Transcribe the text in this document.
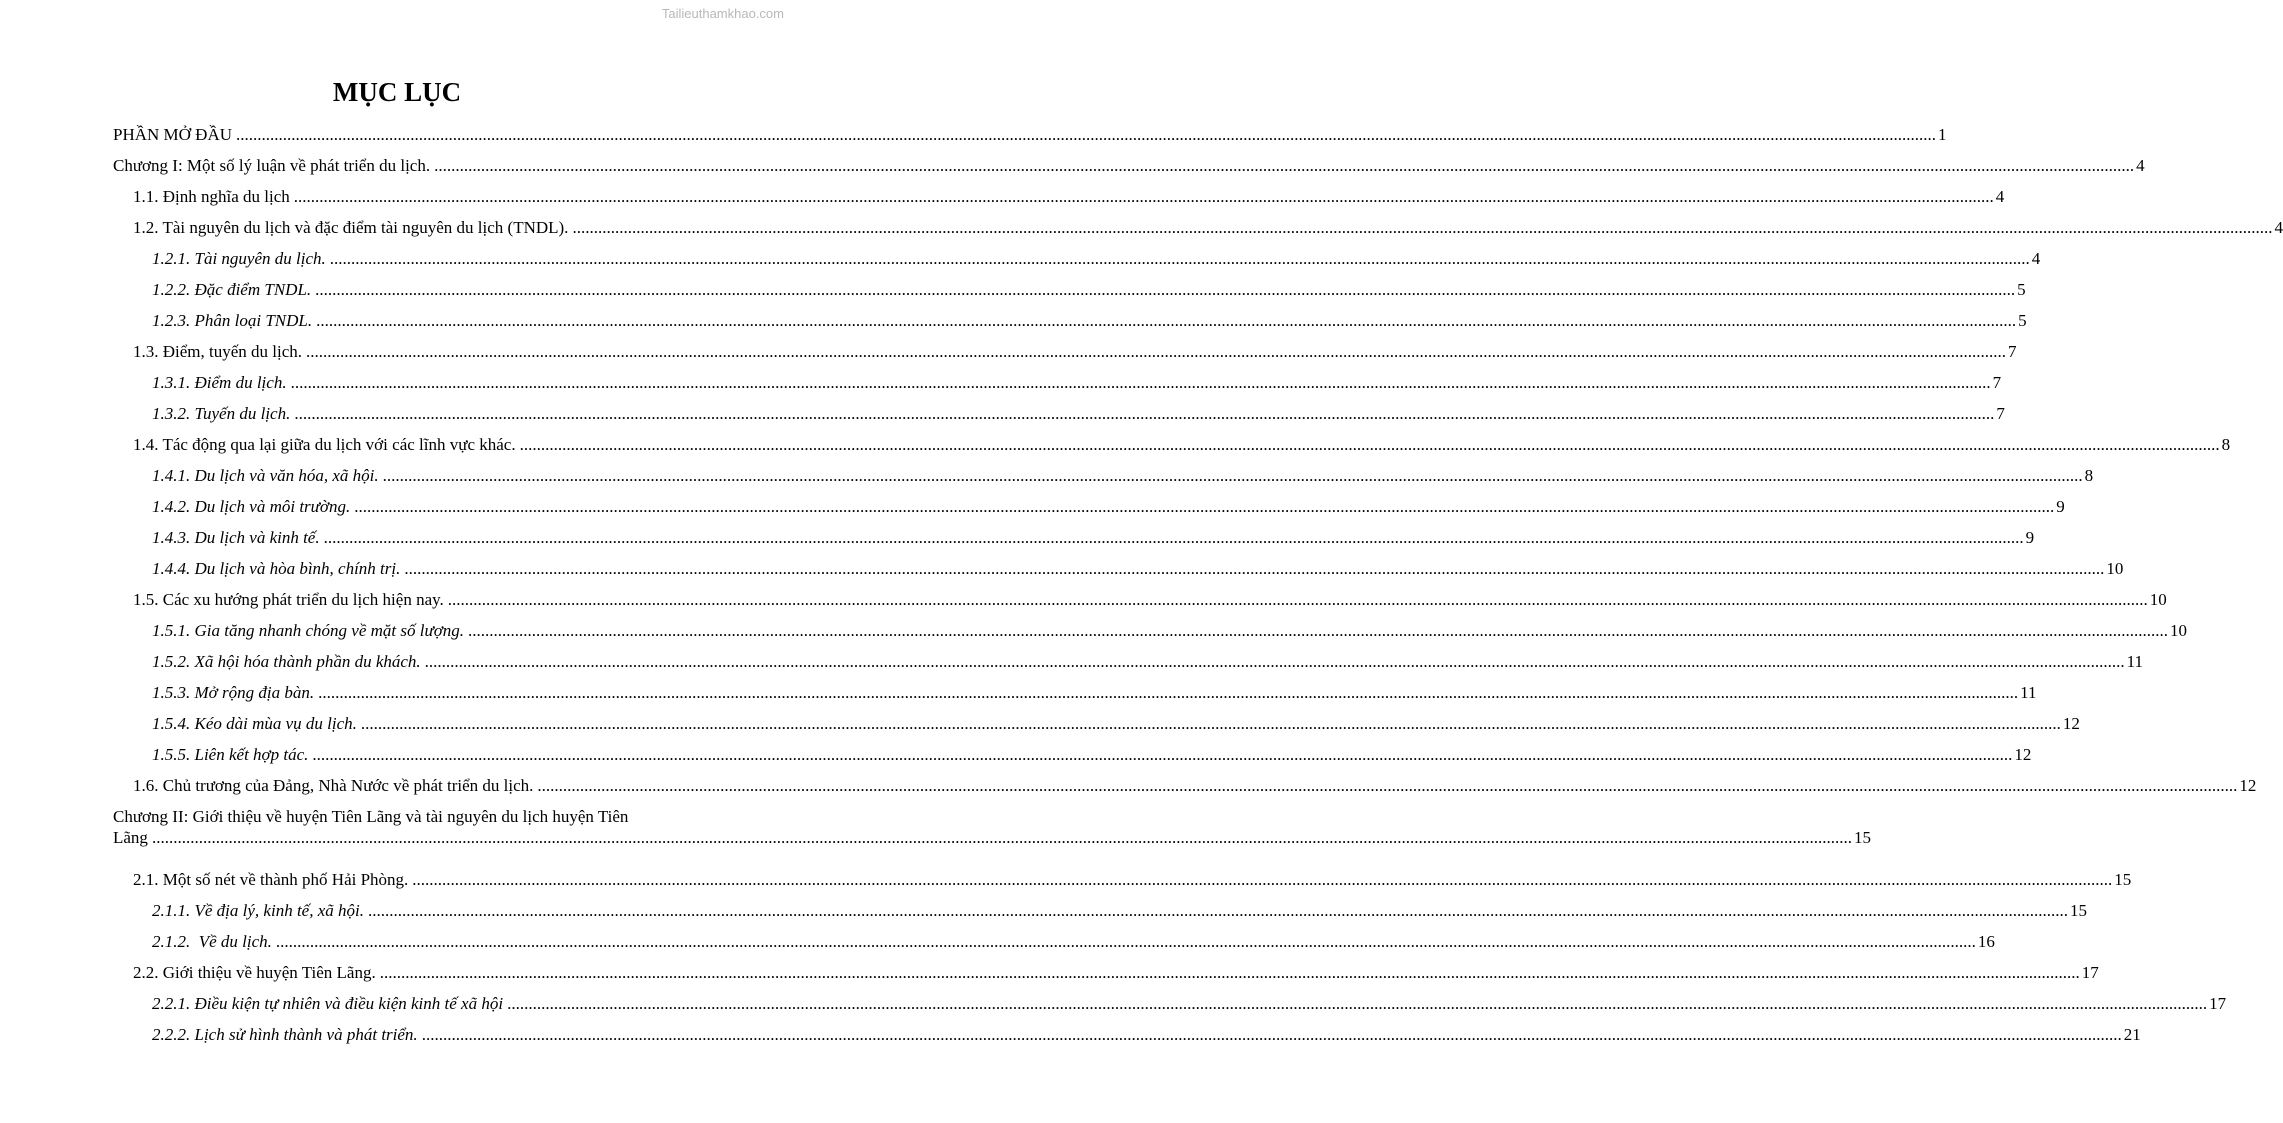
Tailieuthamkhao.com
MỤC LỤC
PHẦN MỞ ĐẦU ................................................................................................................................................................................................................................................................................................................................................................................................................ 1
Chương I: Một số lý luận về phát triển du lịch. ................................................................................................................................................................................................................................................................................................................................................................................................................ 4
1.1. Định nghĩa du lịch ................................................................................................................................................................................................................................................................................................................................................................................................................ 4
1.2. Tài nguyên du lịch và đặc điểm tài nguyên du lịch (TNDL). ................................................................................................................................................................................................................................................................................................................................................................................................................ 4
1.2.1. Tài nguyên du lịch. ................................................................................................................................................................................................................................................................................................................................................................................................................ 4
1.2.2. Đặc điểm TNDL. ................................................................................................................................................................................................................................................................................................................................................................................................................ 5
1.2.3. Phân loại TNDL. ................................................................................................................................................................................................................................................................................................................................................................................................................ 5
1.3. Điểm, tuyến du lịch. ................................................................................................................................................................................................................................................................................................................................................................................................................ 7
1.3.1. Điểm du lịch. ................................................................................................................................................................................................................................................................................................................................................................................................................ 7
1.3.2. Tuyến du lịch. ................................................................................................................................................................................................................................................................................................................................................................................................................ 7
1.4. Tác động qua lại giữa du lịch với các lĩnh vực khác. ................................................................................................................................................................................................................................................................................................................................................................................................................ 8
1.4.1. Du lịch và văn hóa, xã hội. ................................................................................................................................................................................................................................................................................................................................................................................................................ 8
1.4.2. Du lịch và môi trường. ................................................................................................................................................................................................................................................................................................................................................................................................................ 9
1.4.3. Du lịch và kinh tế. ................................................................................................................................................................................................................................................................................................................................................................................................................ 9
1.4.4. Du lịch và hòa bình, chính trị. ................................................................................................................................................................................................................................................................................................................................................................................................................ 10
1.5. Các xu hướng phát triển du lịch hiện nay. ................................................................................................................................................................................................................................................................................................................................................................................................................ 10
1.5.1. Gia tăng nhanh chóng về mặt số lượng. ................................................................................................................................................................................................................................................................................................................................................................................................................ 10
1.5.2. Xã hội hóa thành phần du khách. ................................................................................................................................................................................................................................................................................................................................................................................................................ 11
1.5.3. Mở rộng địa bàn. ................................................................................................................................................................................................................................................................................................................................................................................................................ 11
1.5.4. Kéo dài mùa vụ du lịch. ................................................................................................................................................................................................................................................................................................................................................................................................................ 12
1.5.5. Liên kết hợp tác. ................................................................................................................................................................................................................................................................................................................................................................................................................ 12
1.6. Chủ trương của Đảng, Nhà Nước về phát triển du lịch. ................................................................................................................................................................................................................................................................................................................................................................................................................ 12
Chương II: Giới thiệu về huyện Tiên Lãng và tài nguyên du lịch huyện Tiên
Lãng ................................................................................................................................................................................................................................................................................................................................................................................................................ 15
2.1. Một số nét về thành phố Hải Phòng. ................................................................................................................................................................................................................................................................................................................................................................................................................ 15
2.1.1. Về địa lý, kinh tế, xã hội. ................................................................................................................................................................................................................................................................................................................................................................................................................ 15
2.1.2.  Về du lịch. ................................................................................................................................................................................................................................................................................................................................................................................................................ 16
2.2. Giới thiệu về huyện Tiên Lãng. ................................................................................................................................................................................................................................................................................................................................................................................................................ 17
2.2.1. Điều kiện tự nhiên và điều kiện kinh tế xã hội ................................................................................................................................................................................................................................................................................................................................................................................................................ 17
2.2.2. Lịch sử hình thành và phát triển. ................................................................................................................................................................................................................................................................................................................................................................................................................ 21
